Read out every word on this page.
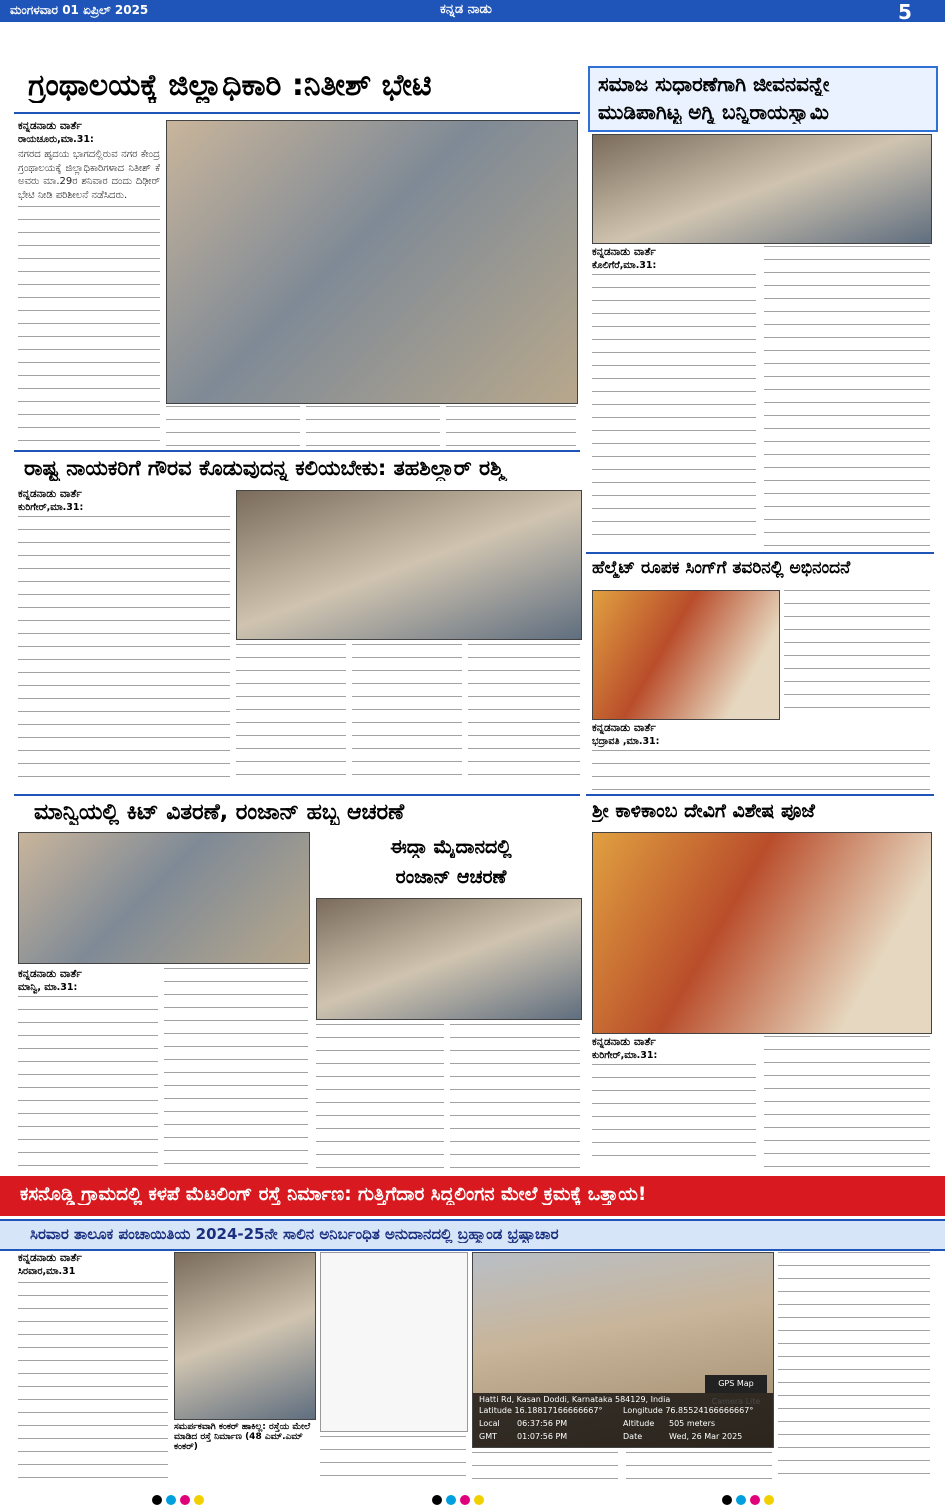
ಮಂಗಳವಾರ 01 ಏಪ್ರಿಲ್ 2025	ಕನ್ನಡ ನಾಡು	5
ಗ್ರಂಥಾಲಯಕ್ಕೆ ಜಿಲ್ಲಾಧಿಕಾರಿ :ನಿತೀಶ್ ಭೇಟಿ
ಕನ್ನಡನಾಡು ವಾರ್ತೆ
ರಾಯಚೂರು,ಮಾ.31:
ನಗರದ ಹೃದಯ ಭಾಗದಲ್ಲಿರುವ ನಗರ ಕೇಂದ್ರ ಗ್ರಂಥಾಲಯಕ್ಕೆ ಜಿಲ್ಲಾಧಿಕಾರಿಗಳಾದ ನಿತೀಶ್ ಕೆ ಅವರು ಮಾ.29ರ ಶನಿವಾರ ದಂದು ದಿಢೀರ್ ಭೇಟಿ ನೀಡಿ ಪರಿಶೀಲನೆ ನಡೆಸಿದರು.
ಸಮಾಜ ಸುಧಾರಣೆಗಾಗಿ ಜೀವನವನ್ನೇ
ಮುಡಿಪಾಗಿಟ್ಟ ಅಗ್ನಿ ಬನ್ನಿರಾಯಸ್ವಾಮಿ
ಕನ್ನಡನಾಡು ವಾರ್ತೆ
ಕೊಲಿಗೆರೆ,ಮಾ.31:
ರಾಷ್ಟ್ರ ನಾಯಕರಿಗೆ ಗೌರವ ಕೊಡುವುದನ್ನ ಕಲಿಯಬೇಕು: ತಹಶಿಲ್ದಾರ್ ರಶ್ಮಿ
ಕನ್ನಡನಾಡು ವಾರ್ತೆ
ಕುರಿಗೇರ್,ಮಾ.31:
ಹೆಲ್ಮೆಟ್ ರೂಪಕ ಸಿಂಗ್‌ಗೆ ತವರಿನಲ್ಲಿ ಅಭಿನಂದನೆ
ಕನ್ನಡನಾಡು ವಾರ್ತೆ
ಭದ್ರಾವತಿ ,ಮಾ.31:
ಮಾನ್ವಿಯಲ್ಲಿ ಕಿಟ್ ವಿತರಣೆ, ರಂಜಾನ್ ಹಬ್ಬ ಆಚರಣೆ
ಈದ್ಗಾ ಮೈದಾನದಲ್ಲಿ
ರಂಜಾನ್ ಆಚರಣೆ
ಕನ್ನಡನಾಡು ವಾರ್ತೆ
ಮಾನ್ವಿ, ಮಾ.31:
ಶ್ರೀ ಕಾಳಿಕಾಂಬ ದೇವಿಗೆ ವಿಶೇಷ ಪೂಜೆ
ಕನ್ನಡನಾಡು ವಾರ್ತೆ
ಕುರಿಗೇರ್,ಮಾ.31:
ಕಸನೊಡ್ಡಿ ಗ್ರಾಮದಲ್ಲಿ ಕಳಪೆ ಮೆಟಲಿಂಗ್ ರಸ್ತೆ ನಿರ್ಮಾಣ: ಗುತ್ತಿಗೆದಾರ ಸಿದ್ದಲಿಂಗನ ಮೇಲೆ ಕ್ರಮಕ್ಕೆ ಒತ್ತಾಯ!
ಸಿರವಾರ ತಾಲೂಕ ಪಂಚಾಯಿತಿಯ 2024-25ನೇ ಸಾಲಿನ ಅನಿರ್ಬಂಧಿತ ಅನುದಾನದಲ್ಲಿ ಬ್ರಹ್ಮಾಂಡ ಭ್ರಷ್ಟಾಚಾರ
ಕನ್ನಡನಾಡು ವಾರ್ತೆ
ಸಿರವಾರ,ಮಾ.31
ಸಮರ್ಪಕವಾಗಿ ಕಂಕರ್ ಹಾಕಿಲ್ಲ: ರಸ್ತೆಯ ಮೇಲೆ ಮಾಡಿದ ರಸ್ತೆ ನಿರ್ಮಾಣ (48 ಎಮ್.ಎಮ್ ಕಂಕರ್)
GPS Map
Hatti Rd, Kasan Doddi, Karnataka 584129, India
Latitude 16.18817166666667°	Longitude 76.85524166666667°
Local 06:37:56 PM	Altitude 505 meters
GMT	01:07:56 PM	Date	Wed, 26 Mar 2025
